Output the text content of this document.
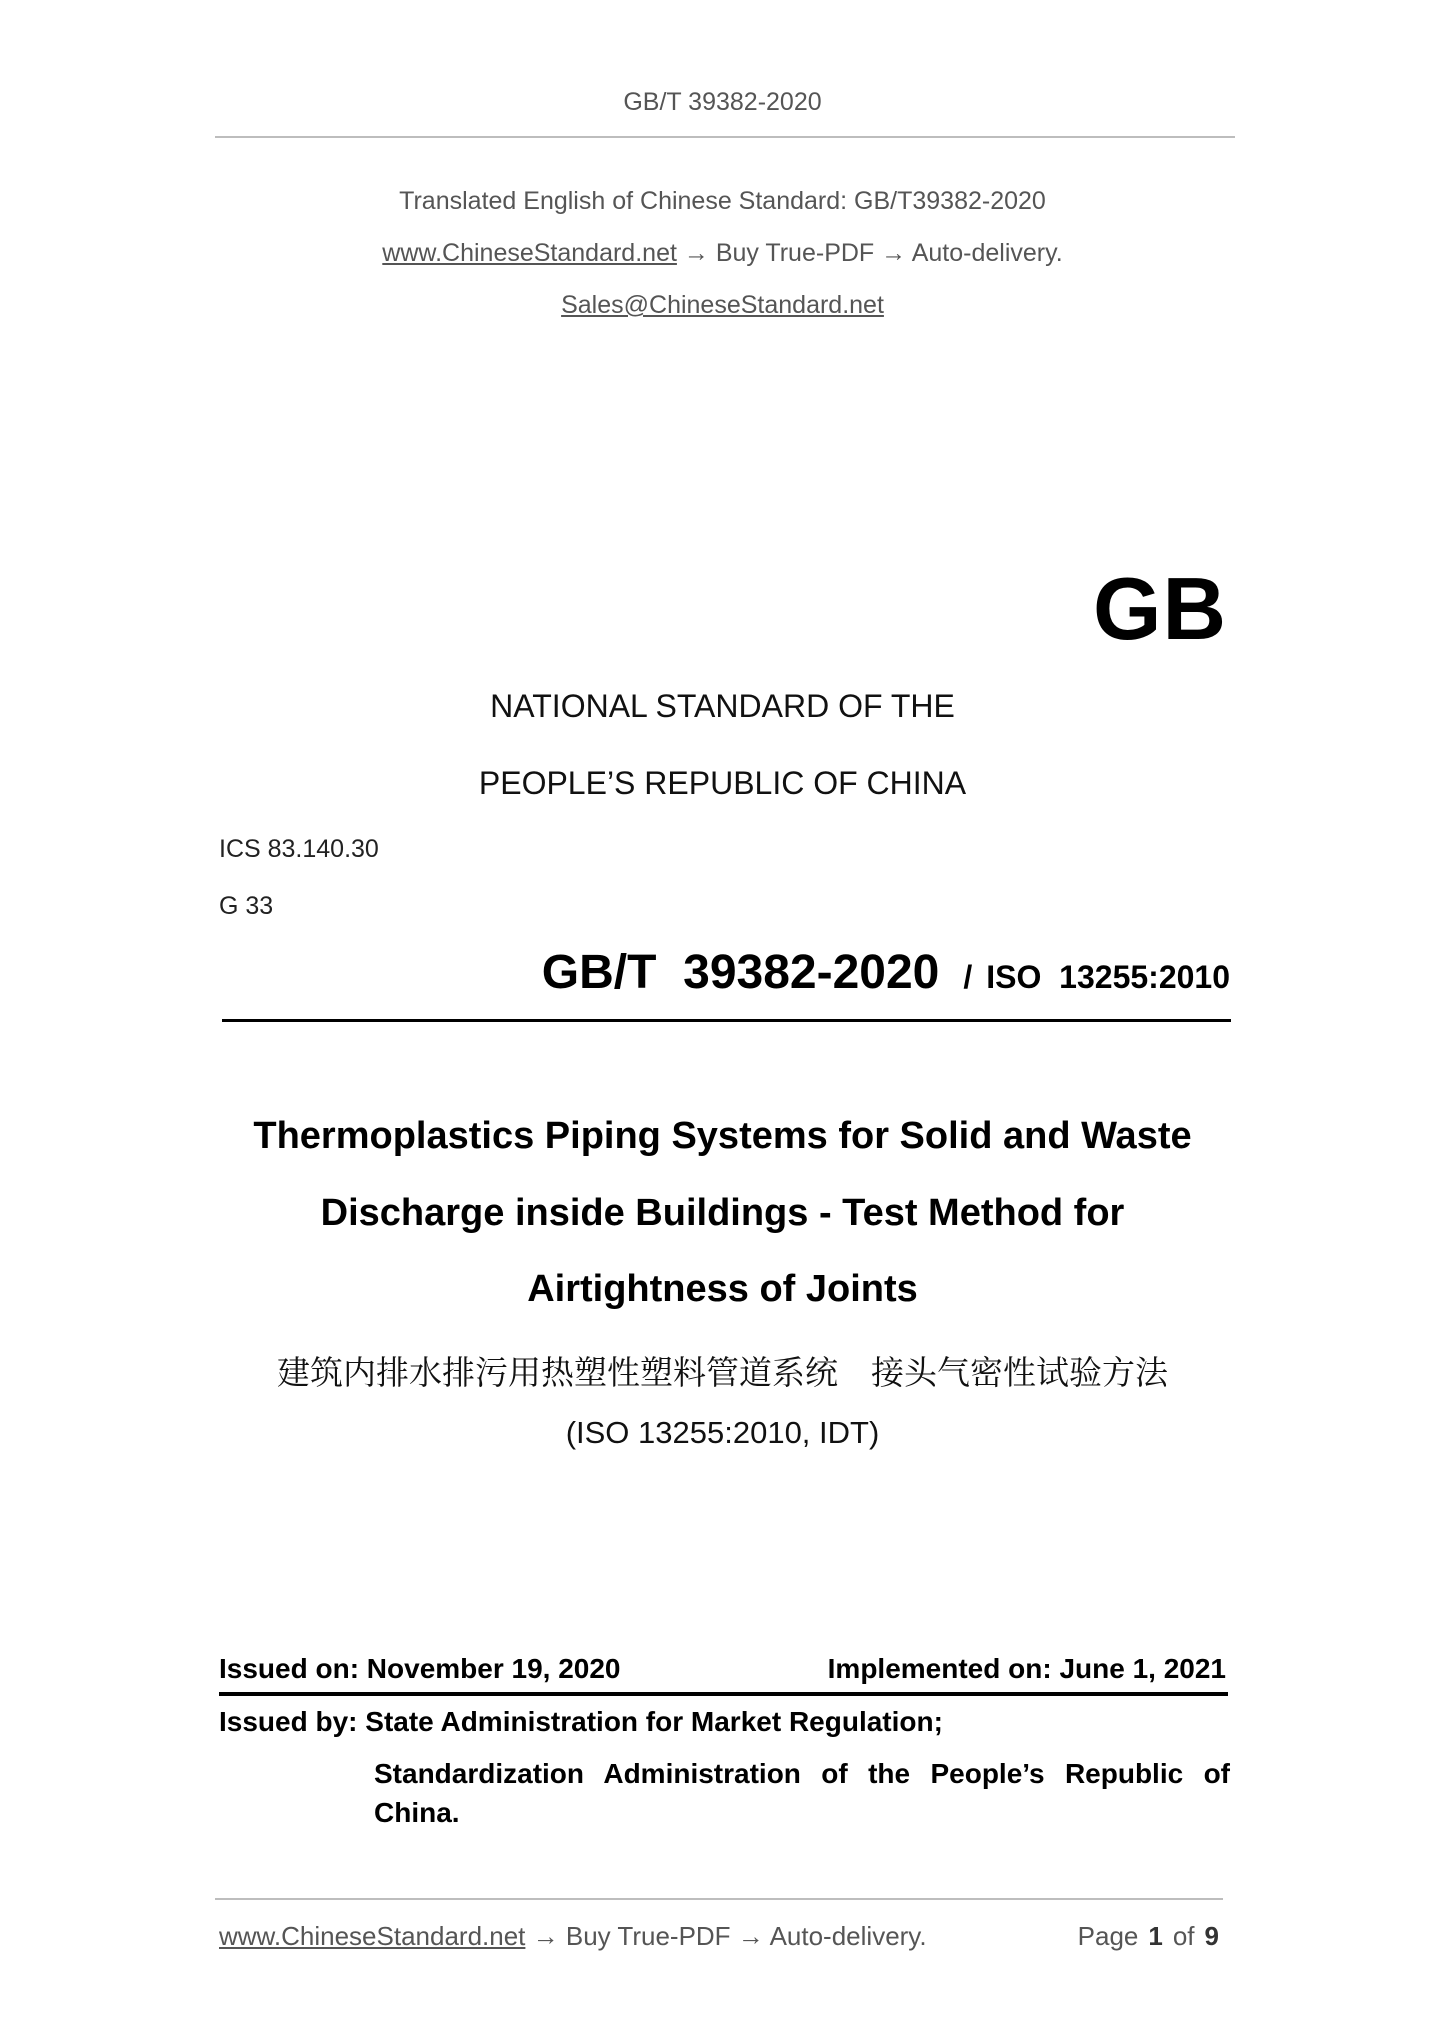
GB/T 39382-2020
Translated English of Chinese Standard: GB/T39382-2020
www.ChineseStandard.net → Buy True-PDF → Auto-delivery.
Sales@ChineseStandard.net
GB
NATIONAL STANDARD OF THE
PEOPLE’S REPUBLIC OF CHINA
ICS 83.140.30
G 33
GB/T  39382-2020 / ISO  13255:2010
Thermoplastics Piping Systems for Solid and Waste
Discharge inside Buildings - Test Method for
Airtightness of Joints
建筑内排水排污用热塑性塑料管道系统　接头气密性试验方法
(ISO 13255:2010, IDT)
Issued on: November 19, 2020	Implemented on: June 1, 2021
Issued by: State Administration for Market Regulation;
Standardization Administration of the People’s Republic of
China.
www.ChineseStandard.net → Buy True-PDF → Auto-delivery.	Page 1 of 9
